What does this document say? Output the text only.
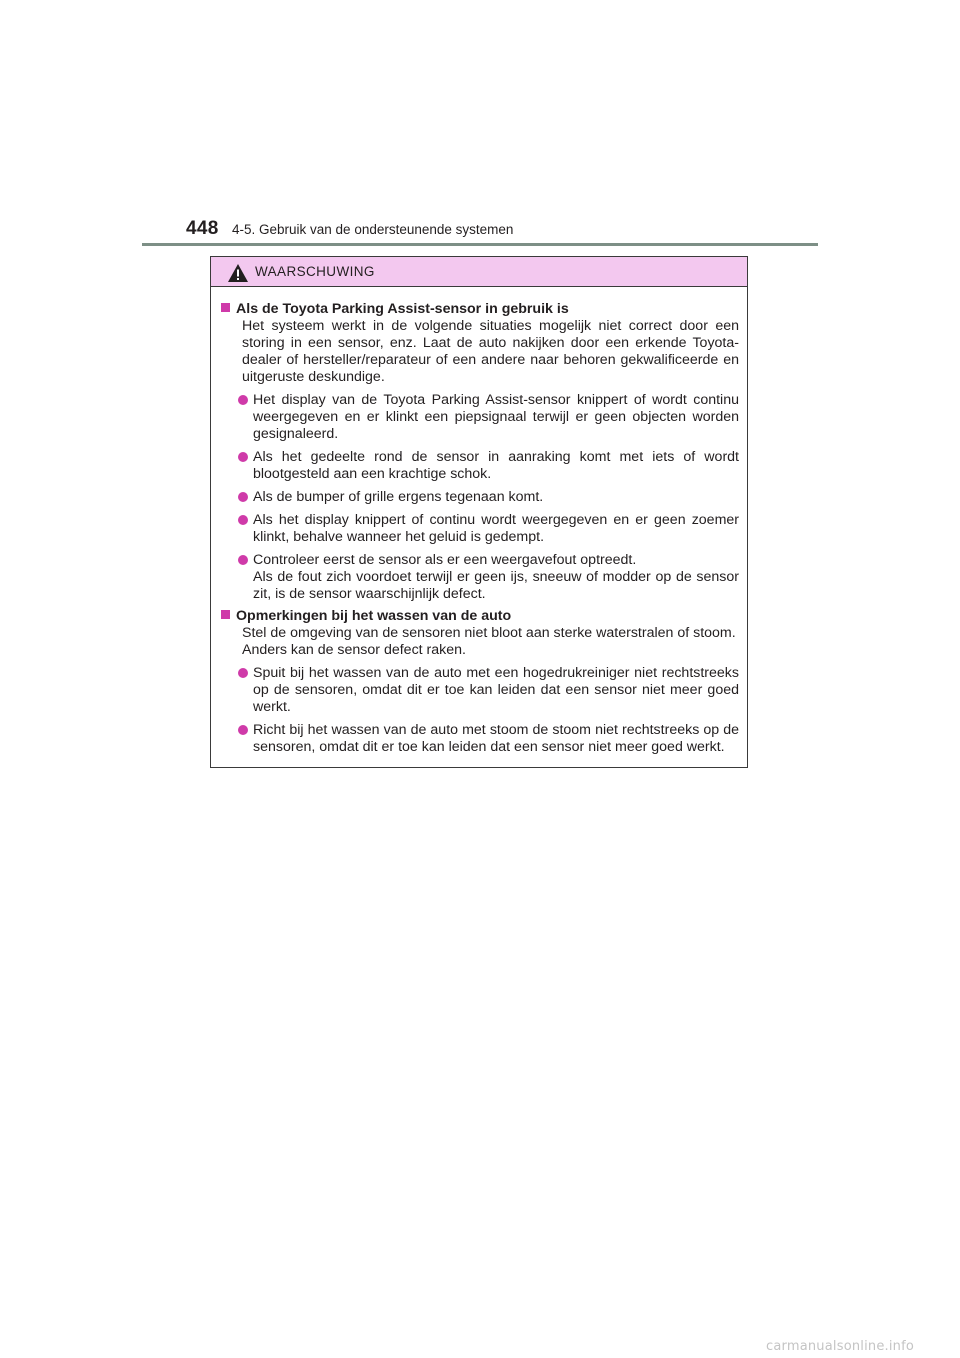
448 4-5. Gebruik van de ondersteunende systemen
WAARSCHUWING
Als de Toyota Parking Assist-sensor in gebruik is
Het systeem werkt in de volgende situaties mogelijk niet correct door een storing in een sensor, enz. Laat de auto nakijken door een erkende Toyota-dealer of hersteller/reparateur of een andere naar behoren gekwalificeerde en uitgeruste deskundige.
Het display van de Toyota Parking Assist-sensor knippert of wordt continu weergegeven en er klinkt een piepsignaal terwijl er geen objecten worden gesignaleerd.
Als het gedeelte rond de sensor in aanraking komt met iets of wordt blootgesteld aan een krachtige schok.
Als de bumper of grille ergens tegenaan komt.
Als het display knippert of continu wordt weergegeven en er geen zoemer klinkt, behalve wanneer het geluid is gedempt.
Controleer eerst de sensor als er een weergavefout optreedt.
Als de fout zich voordoet terwijl er geen ijs, sneeuw of modder op de sensor zit, is de sensor waarschijnlijk defect.
Opmerkingen bij het wassen van de auto
Stel de omgeving van de sensoren niet bloot aan sterke waterstralen of stoom.
Anders kan de sensor defect raken.
Spuit bij het wassen van de auto met een hogedrukreiniger niet rechtstreeks op de sensoren, omdat dit er toe kan leiden dat een sensor niet meer goed werkt.
Richt bij het wassen van de auto met stoom de stoom niet rechtstreeks op de sensoren, omdat dit er toe kan leiden dat een sensor niet meer goed werkt.
carmanualsonline.info
